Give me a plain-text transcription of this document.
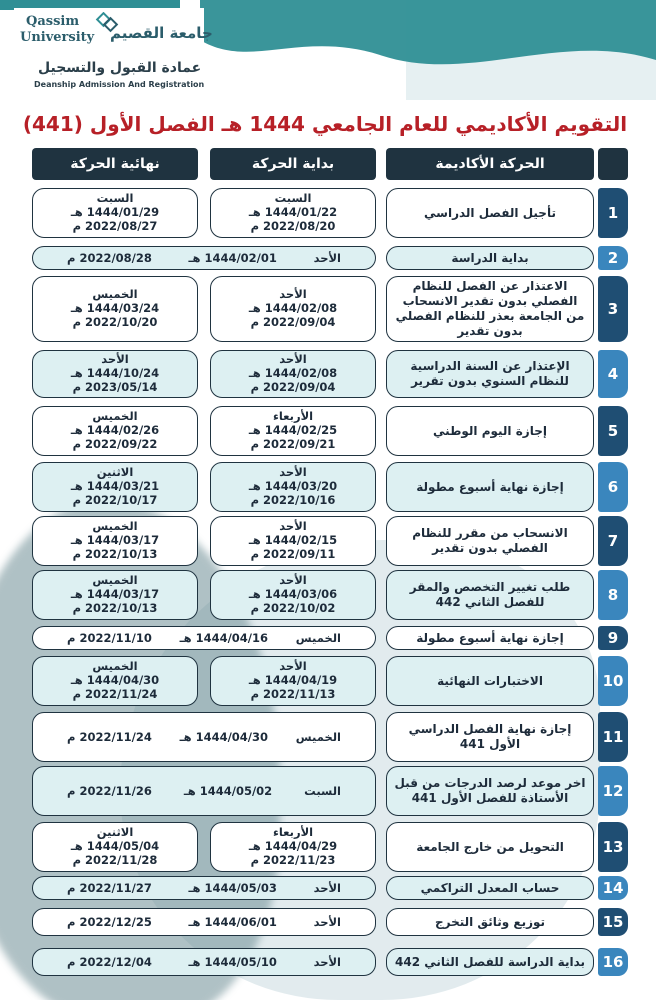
Qassim
University جامعة القصيم
عمادة القبول والتسجيل
Deanship Admission And Registration
التقويم الأكاديمي للعام الجامعي 1444 هـ الفصل الأول (441)
الحركة الأكاديمة
بداية الحركة
نهائية الحركة
1
تأجيل الفصل الدراسي
السبت
1444/01/22 هـ
2022/08/20 م
السبت
1444/01/29 هـ
2022/08/27 م
2
بداية الدراسة
الأحد
1444/02/01 هـ
2022/08/28 م
3
الاعتذار عن الفصل للنظام الفصلي بدون تقدير الانسحاب من الجامعة بعذر للنظام الفصلي بدون تقدير
الأحد
1444/02/08 هـ
2022/09/04 م
الخميس
1444/03/24 هـ
2022/10/20 م
4
الإعتذار عن السنة الدراسية للنظام السنوي بدون تقرير
الأحد
1444/02/08 هـ
2022/09/04 م
الأحد
1444/10/24 هـ
2023/05/14 م
5
إجازة اليوم الوطني
الأربعاء
1444/02/25 هـ
2022/09/21 م
الخميس
1444/02/26 هـ
2022/09/22 م
6
إجازة نهاية أسبوع مطولة
الأحد
1444/03/20 هـ
2022/10/16 م
الاثنين
1444/03/21 هـ
2022/10/17 م
7
الانسحاب من مقرر للنظام الفصلي بدون تقدير
الأحد
1444/02/15 هـ
2022/09/11 م
الخميس
1444/03/17 هـ
2022/10/13 م
8
طلب تغيير التخصص والمقر للفصل الثاني 442
الأحد
1444/03/06 هـ
2022/10/02 م
الخميس
1444/03/17 هـ
2022/10/13 م
9
إجازة نهاية أسبوع مطولة
الخميس
1444/04/16 هـ
2022/11/10 م
10
الاختبارات النهائية
الأحد
1444/04/19 هـ
2022/11/13 م
الخميس
1444/04/30 هـ
2022/11/24 م
11
إجازة نهاية الفصل الدراسي الأول 441
الخميس
1444/04/30 هـ
2022/11/24 م
12
اخر موعد لرصد الدرجات من قبل الأستاذة للفصل الأول 441
السبت
1444/05/02 هـ
2022/11/26 م
13
التحويل من خارج الجامعة
الأربعاء
1444/04/29 هـ
2022/11/23 م
الاثنين
1444/05/04 هـ
2022/11/28 م
14
حساب المعدل التراكمي
الأحد
1444/05/03 هـ
2022/11/27 م
15
توزيع وثائق التخرج
الأحد
1444/06/01 هـ
2022/12/25 م
16
بداية الدراسة للفصل الثاني 442
الأحد
1444/05/10 هـ
2022/12/04 م
